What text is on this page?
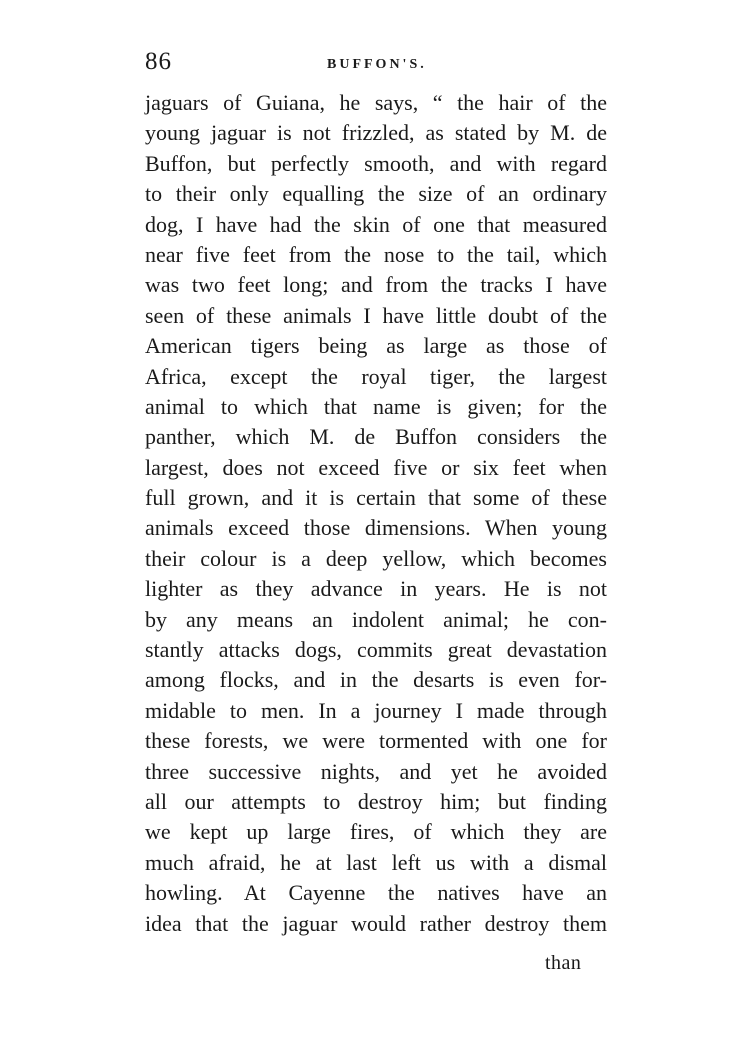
86	BUFFON'S.
jaguars of Guiana, he says, “ the hair of the
young jaguar is not frizzled, as stated by M. de
Buffon, but perfectly smooth, and with regard
to their only equalling the size of an ordinary
dog, I have had the skin of one that measured
near five feet from the nose to the tail, which
was two feet long; and from the tracks I have
seen of these animals I have little doubt of the
American tigers being as large as those of
Africa, except the royal tiger, the largest
animal to which that name is given; for the
panther, which M. de Buffon considers the
largest, does not exceed five or six feet when
full grown, and it is certain that some of these
animals exceed those dimensions. When young
their colour is a deep yellow, which becomes
lighter as they advance in years. He is not
by any means an indolent animal; he con-
stantly attacks dogs, commits great devastation
among flocks, and in the desarts is even for-
midable to men. In a journey I made through
these forests, we were tormented with one for
three successive nights, and yet he avoided
all our attempts to destroy him; but finding
we kept up large fires, of which they are
much afraid, he at last left us with a dismal
howling. At Cayenne the natives have an
idea that the jaguar would rather destroy them
than
